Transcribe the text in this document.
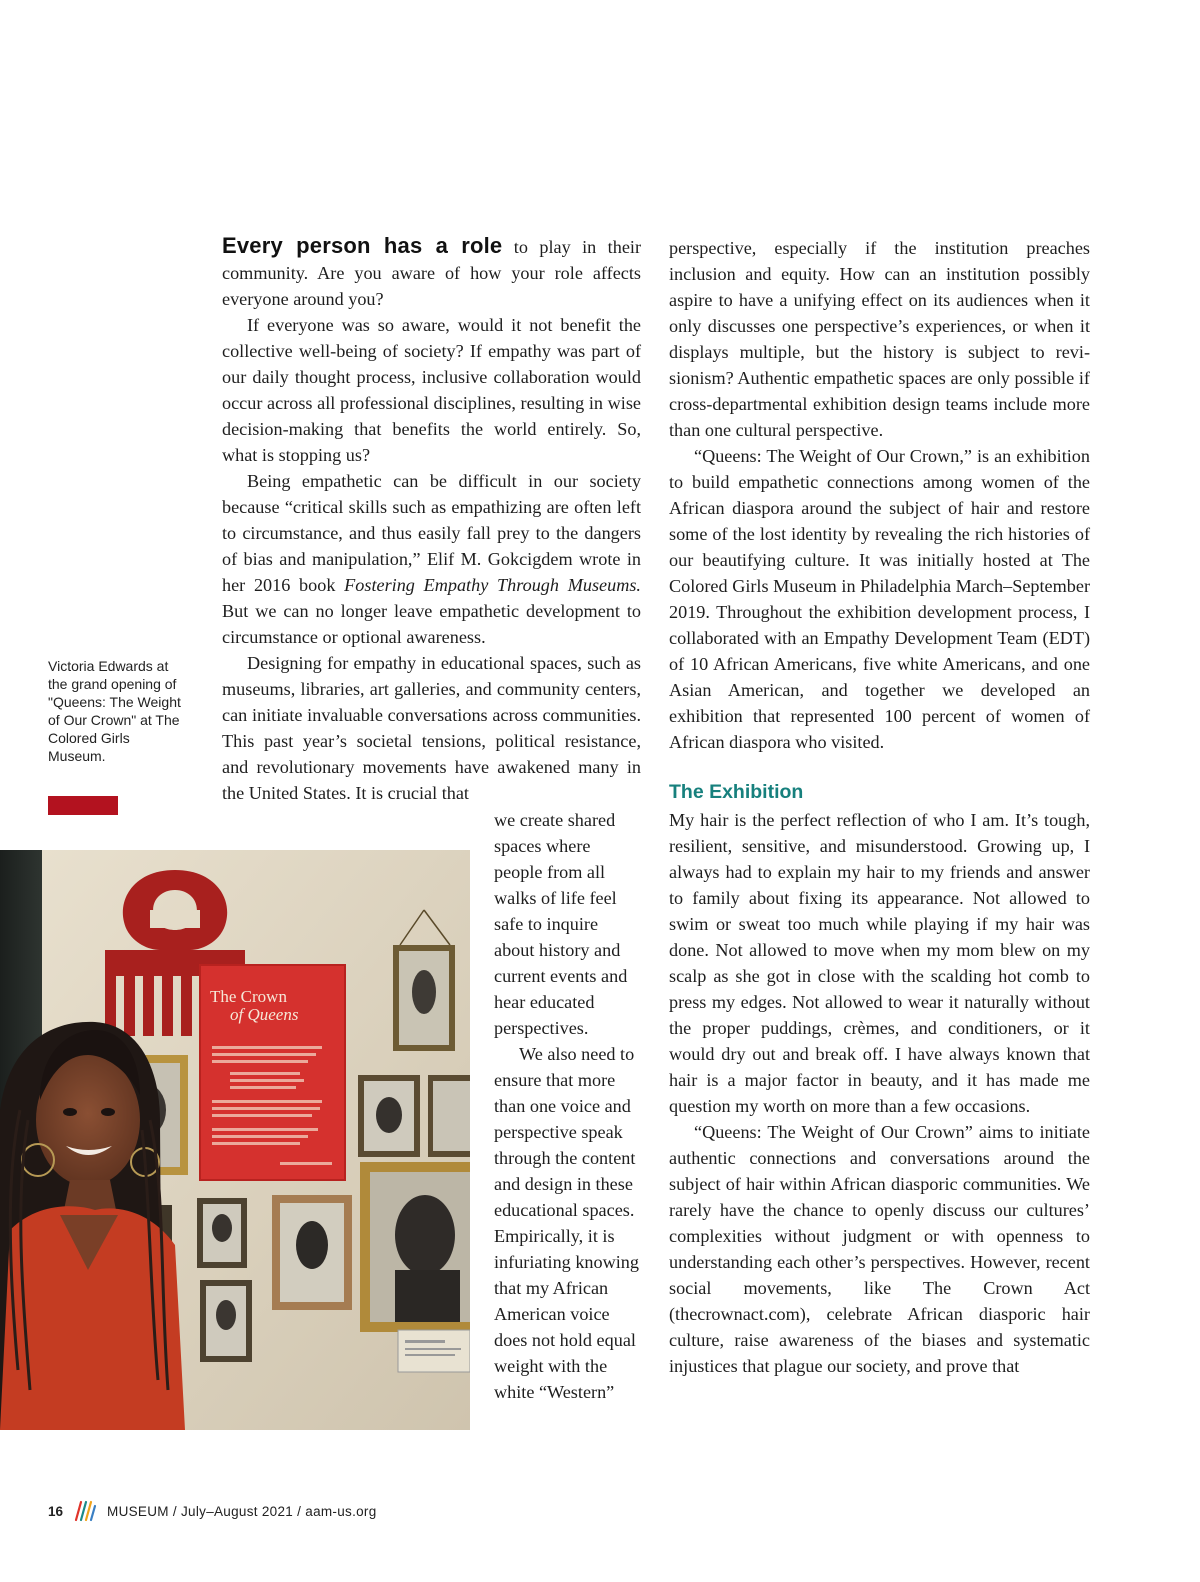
Every person has a role to play in their community. Are you aware of how your role affects everyone around you?

If everyone was so aware, would it not benefit the collective well-being of society? If empathy was part of our daily thought process, inclusive collaboration would occur across all professional disciplines, resulting in wise decision-making that benefits the world entirely. So, what is stopping us?

Being empathetic can be difficult in our society because “critical skills such as empathizing are often left to circumstance, and thus easily fall prey to the dangers of bias and manipulation,” Elif M. Gokcigdem wrote in her 2016 book Fostering Empathy Through Museums. But we can no longer leave empathetic development to circumstance or optional awareness.

Designing for empathy in educational spaces, such as museums, libraries, art galleries, and community centers, can initiate invaluable conversations across communities. This past year’s societal tensions, political resistance, and revolutionary movements have awakened many in the United States. It is crucial that

we create shared spaces where people from all walks of life feel safe to inquire about history and current events and hear educated perspectives.

We also need to ensure that more than one voice and perspective speak through the content and design in these educational spaces. Empirically, it is infuriating knowing that my African American voice does not hold equal weight with the white “Western”

perspective, especially if the institution preaches inclusion and equity. How can an institution possibly aspire to have a unifying effect on its audiences when it only discusses one perspective’s experiences, or when it displays multiple, but the history is subject to revisionism? Authentic empathetic spaces are only possible if cross-departmental exhibition design teams include more than one cultural perspective.

“Queens: The Weight of Our Crown,” is an exhibition to build empathetic connections among women of the African diaspora around the subject of hair and restore some of the lost identity by revealing the rich histories of our beautifying culture. It was initially hosted at The Colored Girls Museum in Philadelphia March–September 2019. Throughout the exhibition development process, I collaborated with an Empathy Development Team (EDT) of 10 African Americans, five white Americans, and one Asian American, and together we developed an exhibition that represented 100 percent of women of African diaspora who visited.

The Exhibition

My hair is the perfect reflection of who I am. It’s tough, resilient, sensitive, and misunderstood. Growing up, I always had to explain my hair to my friends and answer to family about fixing its appearance. Not allowed to swim or sweat too much while playing if my hair was done. Not allowed to move when my mom blew on my scalp as she got in close with the scalding hot comb to press my edges. Not allowed to wear it naturally without the proper puddings, crèmes, and conditioners, or it would dry out and break off. I have always known that hair is a major factor in beauty, and it has made me question my worth on more than a few occasions.

“Queens: The Weight of Our Crown” aims to initiate authentic connections and conversations around the subject of hair within African diasporic communities. We rarely have the chance to openly discuss our cultures’ complexities without judgment or with openness to understanding each other’s perspectives. However, recent social movements, like The Crown Act (thecrownact.com), celebrate African diasporic hair culture, raise awareness of the biases and systematic injustices that plague our society, and prove that

Victoria Edwards at the grand opening of "Queens: The Weight of Our Crown" at The Colored Girls Museum.
The Crown
of Queens
16	MUSEUM / July–August 2021 / aam-us.org
